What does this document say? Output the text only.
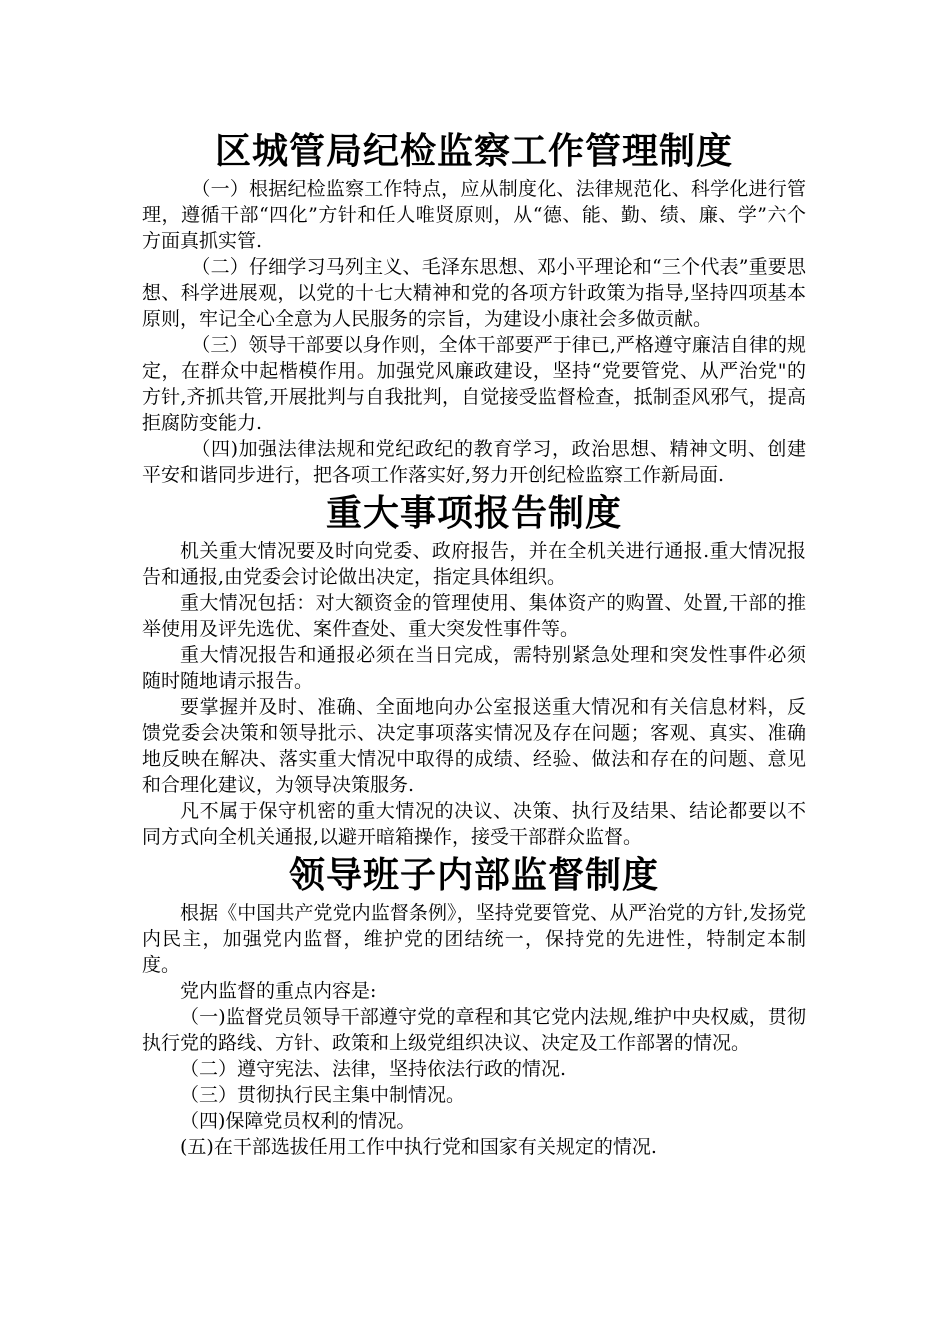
区城管局纪检监察工作管理制度

（一）根据纪检监察工作特点，应从制度化、法律规范化、科学化进行管理，遵循干部“四化”方针和任人唯贤原则，从“德、能、勤、绩、廉、学”六个方面真抓实管.

（二）仔细学习马列主义、毛泽东思想、邓小平理论和“三个代表”重要思想、科学进展观，以党的十七大精神和党的各项方针政策为指导,坚持四项基本原则，牢记全心全意为人民服务的宗旨，为建设小康社会多做贡献。

（三）领导干部要以身作则，全体干部要严于律已,严格遵守廉洁自律的规定，在群众中起楷模作用。加强党风廉政建设，坚持“党要管党、从严治党"的方针,齐抓共管,开展批判与自我批判，自觉接受监督检查，抵制歪风邪气，提高拒腐防变能力.

（四)加强法律法规和党纪政纪的教育学习，政治思想、精神文明、创建平安和谐同步进行，把各项工作落实好,努力开创纪检监察工作新局面.

重大事项报告制度

机关重大情况要及时向党委、政府报告，并在全机关进行通报.重大情况报告和通报,由党委会讨论做出决定，指定具体组织。

重大情况包括：对大额资金的管理使用、集体资产的购置、处置,干部的推举使用及评先选优、案件查处、重大突发性事件等。

重大情况报告和通报必须在当日完成，需特别紧急处理和突发性事件必须随时随地请示报告。

要掌握并及时、准确、全面地向办公室报送重大情况和有关信息材料，反馈党委会决策和领导批示、决定事项落实情况及存在问题；客观、真实、准确地反映在解决、落实重大情况中取得的成绩、经验、做法和存在的问题、意见和合理化建议，为领导决策服务.

凡不属于保守机密的重大情况的决议、决策、执行及结果、结论都要以不同方式向全机关通报,以避开暗箱操作，接受干部群众监督。

领导班子内部监督制度

根据《中国共产党党内监督条例》，坚持党要管党、从严治党的方针,发扬党内民主，加强党内监督，维护党的团结统一，保持党的先进性，特制定本制度。

党内监督的重点内容是:

（一)监督党员领导干部遵守党的章程和其它党内法规,维护中央权威，贯彻执行党的路线、方针、政策和上级党组织决议、决定及工作部署的情况。

（二）遵守宪法、法律，坚持依法行政的情况.

（三）贯彻执行民主集中制情况。

（四)保障党员权利的情况。

(五)在干部选拔任用工作中执行党和国家有关规定的情况.
